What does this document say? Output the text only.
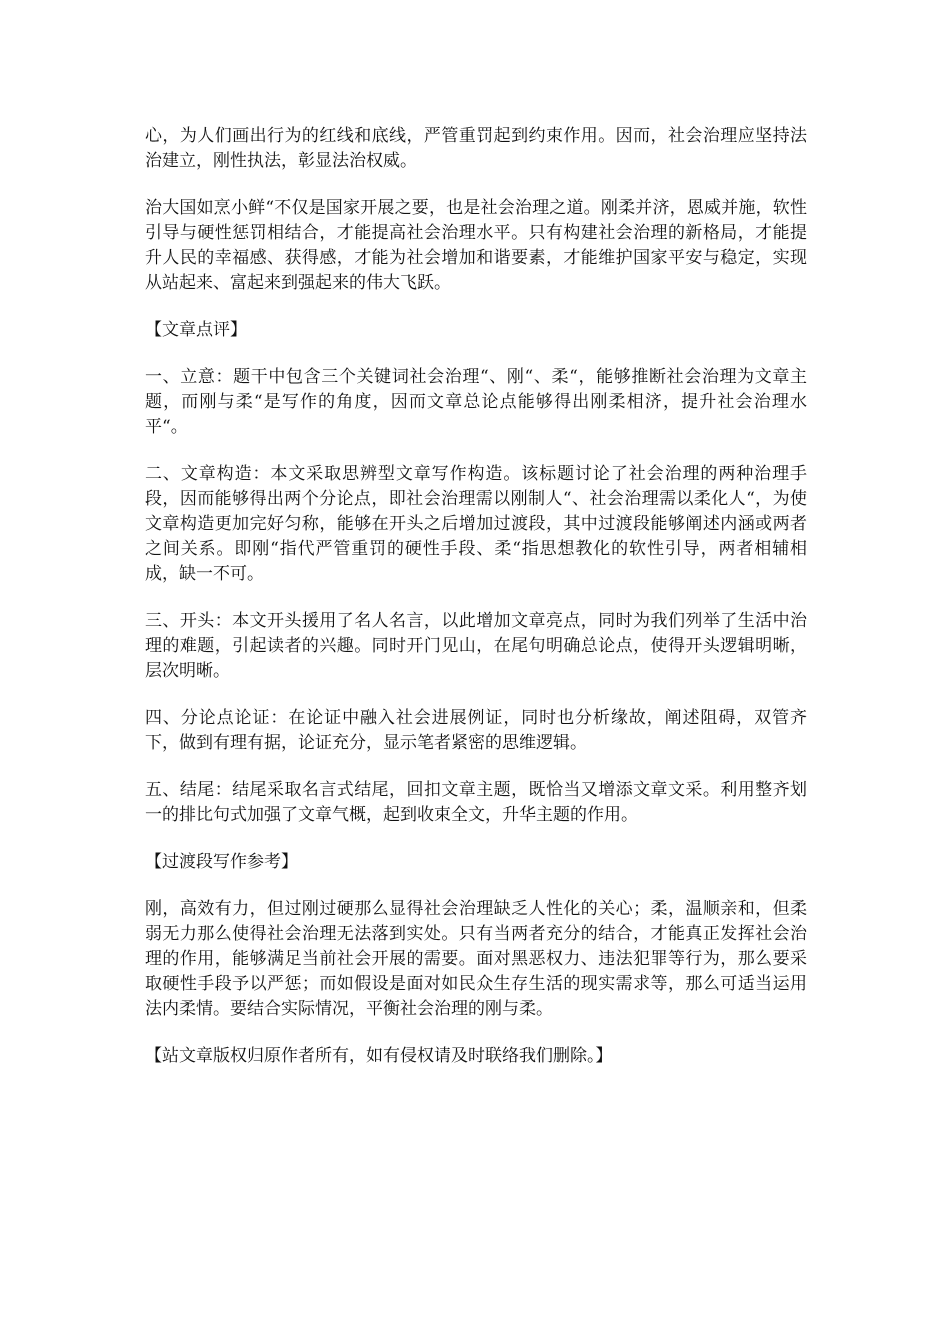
心，为人们画出行为的红线和底线，严管重罚起到约束作用。因而，社会治理应坚持法治建立，刚性执法，彰显法治权威。

治大国如烹小鲜“不仅是国家开展之要，也是社会治理之道。刚柔并济，恩威并施，软性引导与硬性惩罚相结合，才能提高社会治理水平。只有构建社会治理的新格局，才能提升人民的幸福感、获得感，才能为社会增加和谐要素，才能维护国家平安与稳定，实现从站起来、富起来到强起来的伟大飞跃。

【文章点评】

一、立意：题干中包含三个关键词社会治理“、刚“、柔“，能够推断社会治理为文章主题，而刚与柔“是写作的角度，因而文章总论点能够得出刚柔相济，提升社会治理水平“。

二、文章构造：本文采取思辨型文章写作构造。该标题讨论了社会治理的两种治理手段，因而能够得出两个分论点，即社会治理需以刚制人“、社会治理需以柔化人“，为使文章构造更加完好匀称，能够在开头之后增加过渡段，其中过渡段能够阐述内涵或两者之间关系。即刚“指代严管重罚的硬性手段、柔“指思想教化的软性引导，两者相辅相成，缺一不可。

三、开头：本文开头援用了名人名言，以此增加文章亮点，同时为我们列举了生活中治理的难题，引起读者的兴趣。同时开门见山，在尾句明确总论点，使得开头逻辑明晰，层次明晰。

四、分论点论证：在论证中融入社会进展例证，同时也分析缘故，阐述阻碍，双管齐下，做到有理有据，论证充分，显示笔者紧密的思维逻辑。

五、结尾：结尾采取名言式结尾，回扣文章主题，既恰当又增添文章文采。利用整齐划一的排比句式加强了文章气概，起到收束全文，升华主题的作用。

【过渡段写作参考】

刚，高效有力，但过刚过硬那么显得社会治理缺乏人性化的关心；柔，温顺亲和，但柔弱无力那么使得社会治理无法落到实处。只有当两者充分的结合，才能真正发挥社会治理的作用，能够满足当前社会开展的需要。面对黑恶权力、违法犯罪等行为，那么要采取硬性手段予以严惩；而如假设是面对如民众生存生活的现实需求等，那么可适当运用法内柔情。要结合实际情况，平衡社会治理的刚与柔。

【站文章版权归原作者所有，如有侵权请及时联络我们删除。】
